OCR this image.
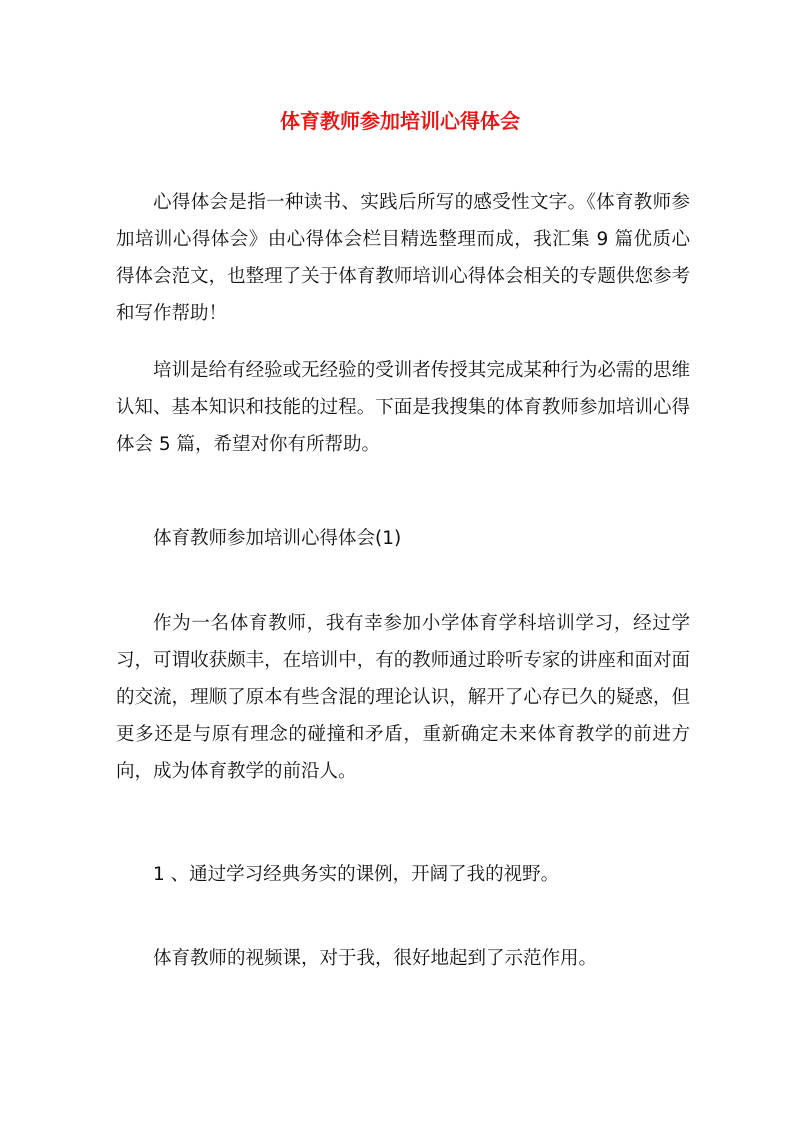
体育教师参加培训心得体会

心得体会是指一种读书、实践后所写的感受性文字。《体育教师参加培训心得体会》由心得体会栏目精选整理而成，我汇集 9 篇优质心得体会范文，也整理了关于体育教师培训心得体会相关的专题供您参考和写作帮助！

培训是给有经验或无经验的受训者传授其完成某种行为必需的思维认知、基本知识和技能的过程。下面是我搜集的体育教师参加培训心得体会 5 篇，希望对你有所帮助。

体育教师参加培训心得体会(1)

作为一名体育教师，我有幸参加小学体育学科培训学习，经过学习，可谓收获颇丰，在培训中，有的教师通过聆听专家的讲座和面对面的交流，理顺了原本有些含混的理论认识，解开了心存已久的疑惑，但更多还是与原有理念的碰撞和矛盾，重新确定未来体育教学的前进方向，成为体育教学的前沿人。

1 、通过学习经典务实的课例，开阔了我的视野。

体育教师的视频课，对于我，很好地起到了示范作用。
